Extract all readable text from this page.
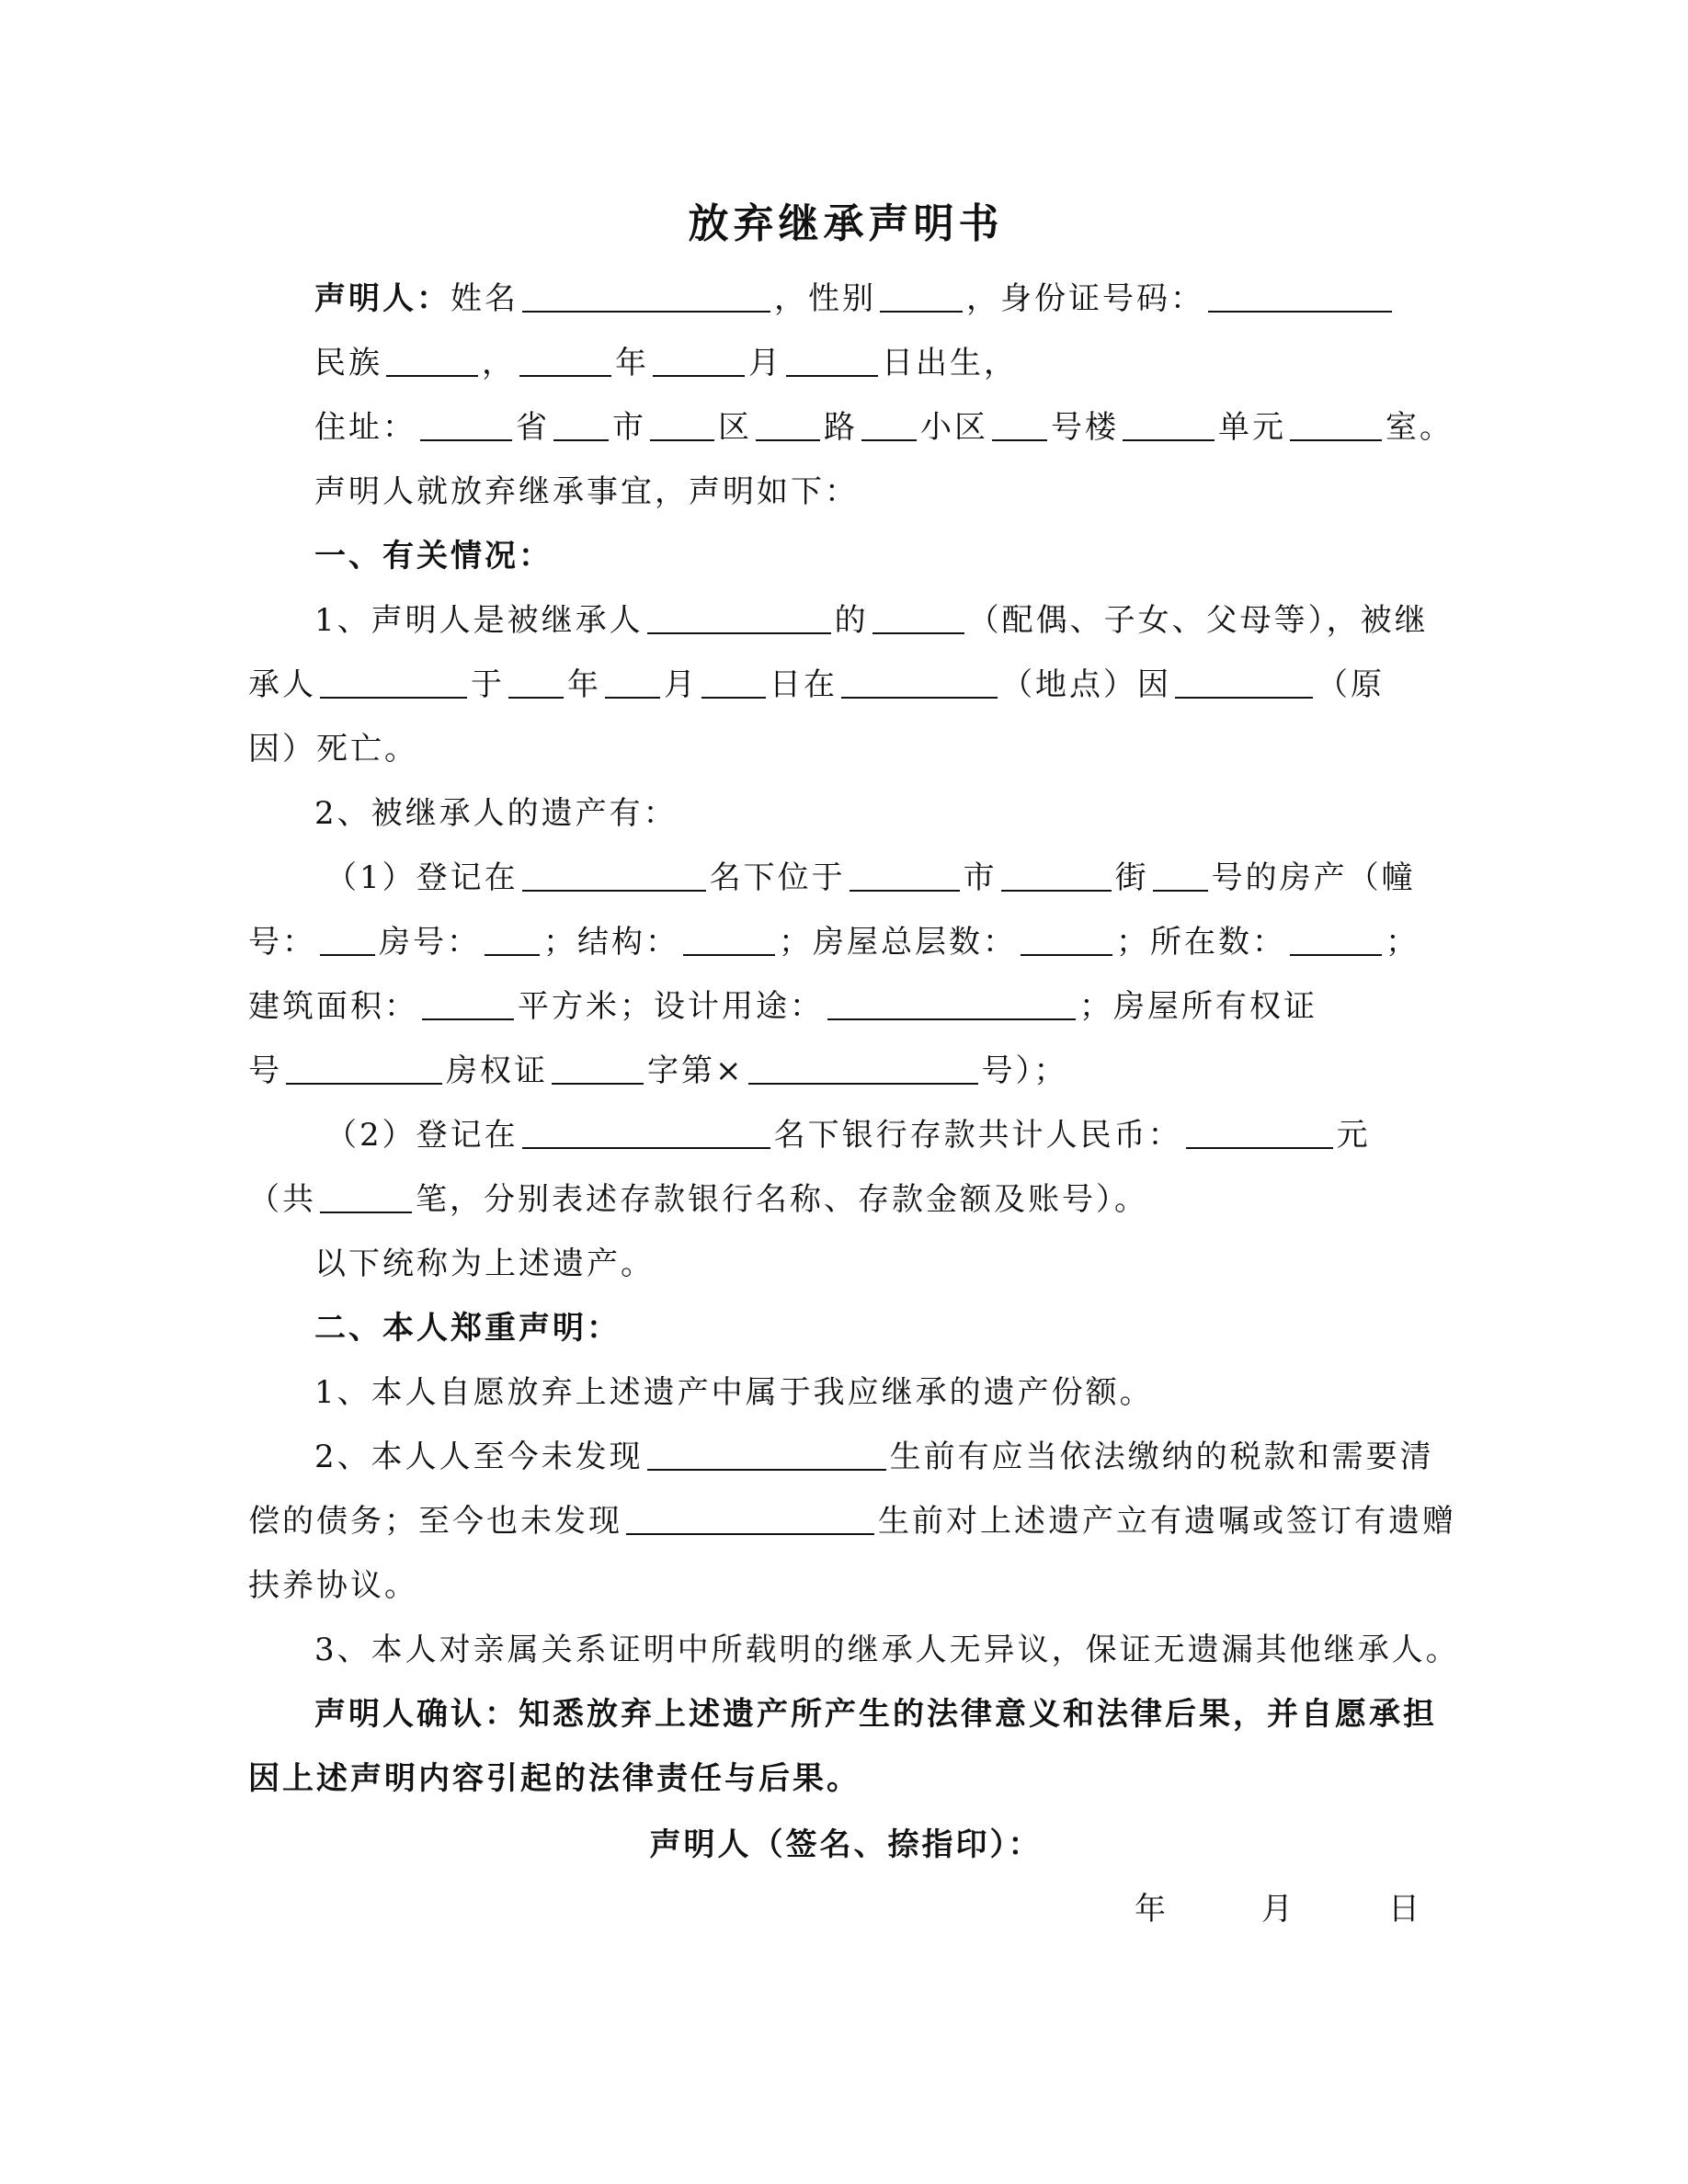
放弃继承声明书
声明人：姓名	，性别	，身份证号码：
民族	，	年	月	日出生，
住址：	省 市 区 路 小区 号楼	单元	室。
声明人就放弃继承事宜，声明如下：
一、有关情况：
1、声明人是被继承人	的	（配偶、子女、父母等），被继
承人	于 年 月 日在	（地点）因	（原
因）死亡。
2、被继承人的遗产有：
（1）登记在	名下位于	市	街 号的房产（幢
号： 房号： ；结构：	；房屋总层数：	；所在数：	；
建筑面积：	平方米；设计用途：	；房屋所有权证
号	房权证	字第×	号）；
（2）登记在	名下银行存款共计人民币：	元
（共	笔，分别表述存款银行名称、存款金额及账号）。
以下统称为上述遗产。
二、本人郑重声明：
1、本人自愿放弃上述遗产中属于我应继承的遗产份额。
2、本人人至今未发现	生前有应当依法缴纳的税款和需要清
偿的债务；至今也未发现	生前对上述遗产立有遗嘱或签订有遗赠
扶养协议。
3、本人对亲属关系证明中所载明的继承人无异议，保证无遗漏其他继承人。
声明人确认：知悉放弃上述遗产所产生的法律意义和法律后果，并自愿承担
因上述声明内容引起的法律责任与后果。
声明人（签名、捺指印）：
年	月	日
